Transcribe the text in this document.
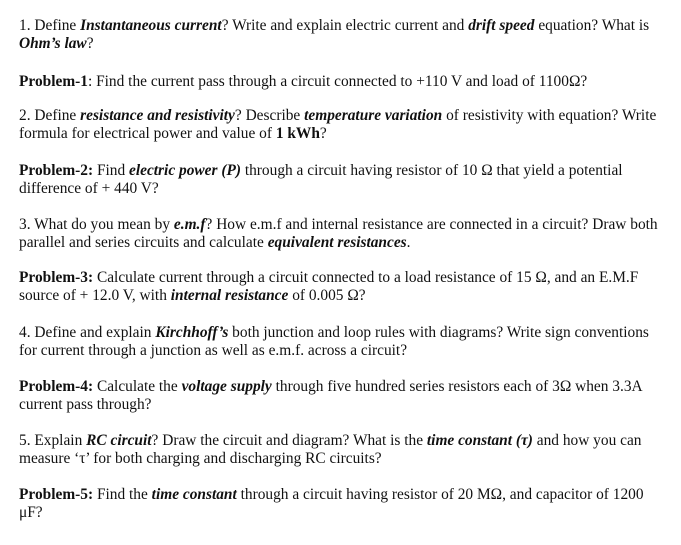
1. Define Instantaneous current? Write and explain electric current and drift speed equation? What is Ohm’s law?

Problem-1: Find the current pass through a circuit connected to +110 V and load of 1100Ω?

2. Define resistance and resistivity? Describe temperature variation of resistivity with equation? Write formula for electrical power and value of 1 kWh?

Problem-2: Find electric power (P) through a circuit having resistor of 10 Ω that yield a potential difference of + 440 V?

3. What do you mean by e.m.f? How e.m.f and internal resistance are connected in a circuit? Draw both parallel and series circuits and calculate equivalent resistances.

Problem-3: Calculate current through a circuit connected to a load resistance of 15 Ω, and an E.M.F source of + 12.0 V, with internal resistance of 0.005 Ω?

4. Define and explain Kirchhoff’s both junction and loop rules with diagrams? Write sign conventions for current through a junction as well as e.m.f. across a circuit?

Problem-4: Calculate the voltage supply through five hundred series resistors each of 3Ω when 3.3A current pass through?

5. Explain RC circuit? Draw the circuit and diagram? What is the time constant (τ) and how you can measure ‘τ’ for both charging and discharging RC circuits?

Problem-5: Find the time constant through a circuit having resistor of 20 MΩ, and capacitor of 1200 μF?
